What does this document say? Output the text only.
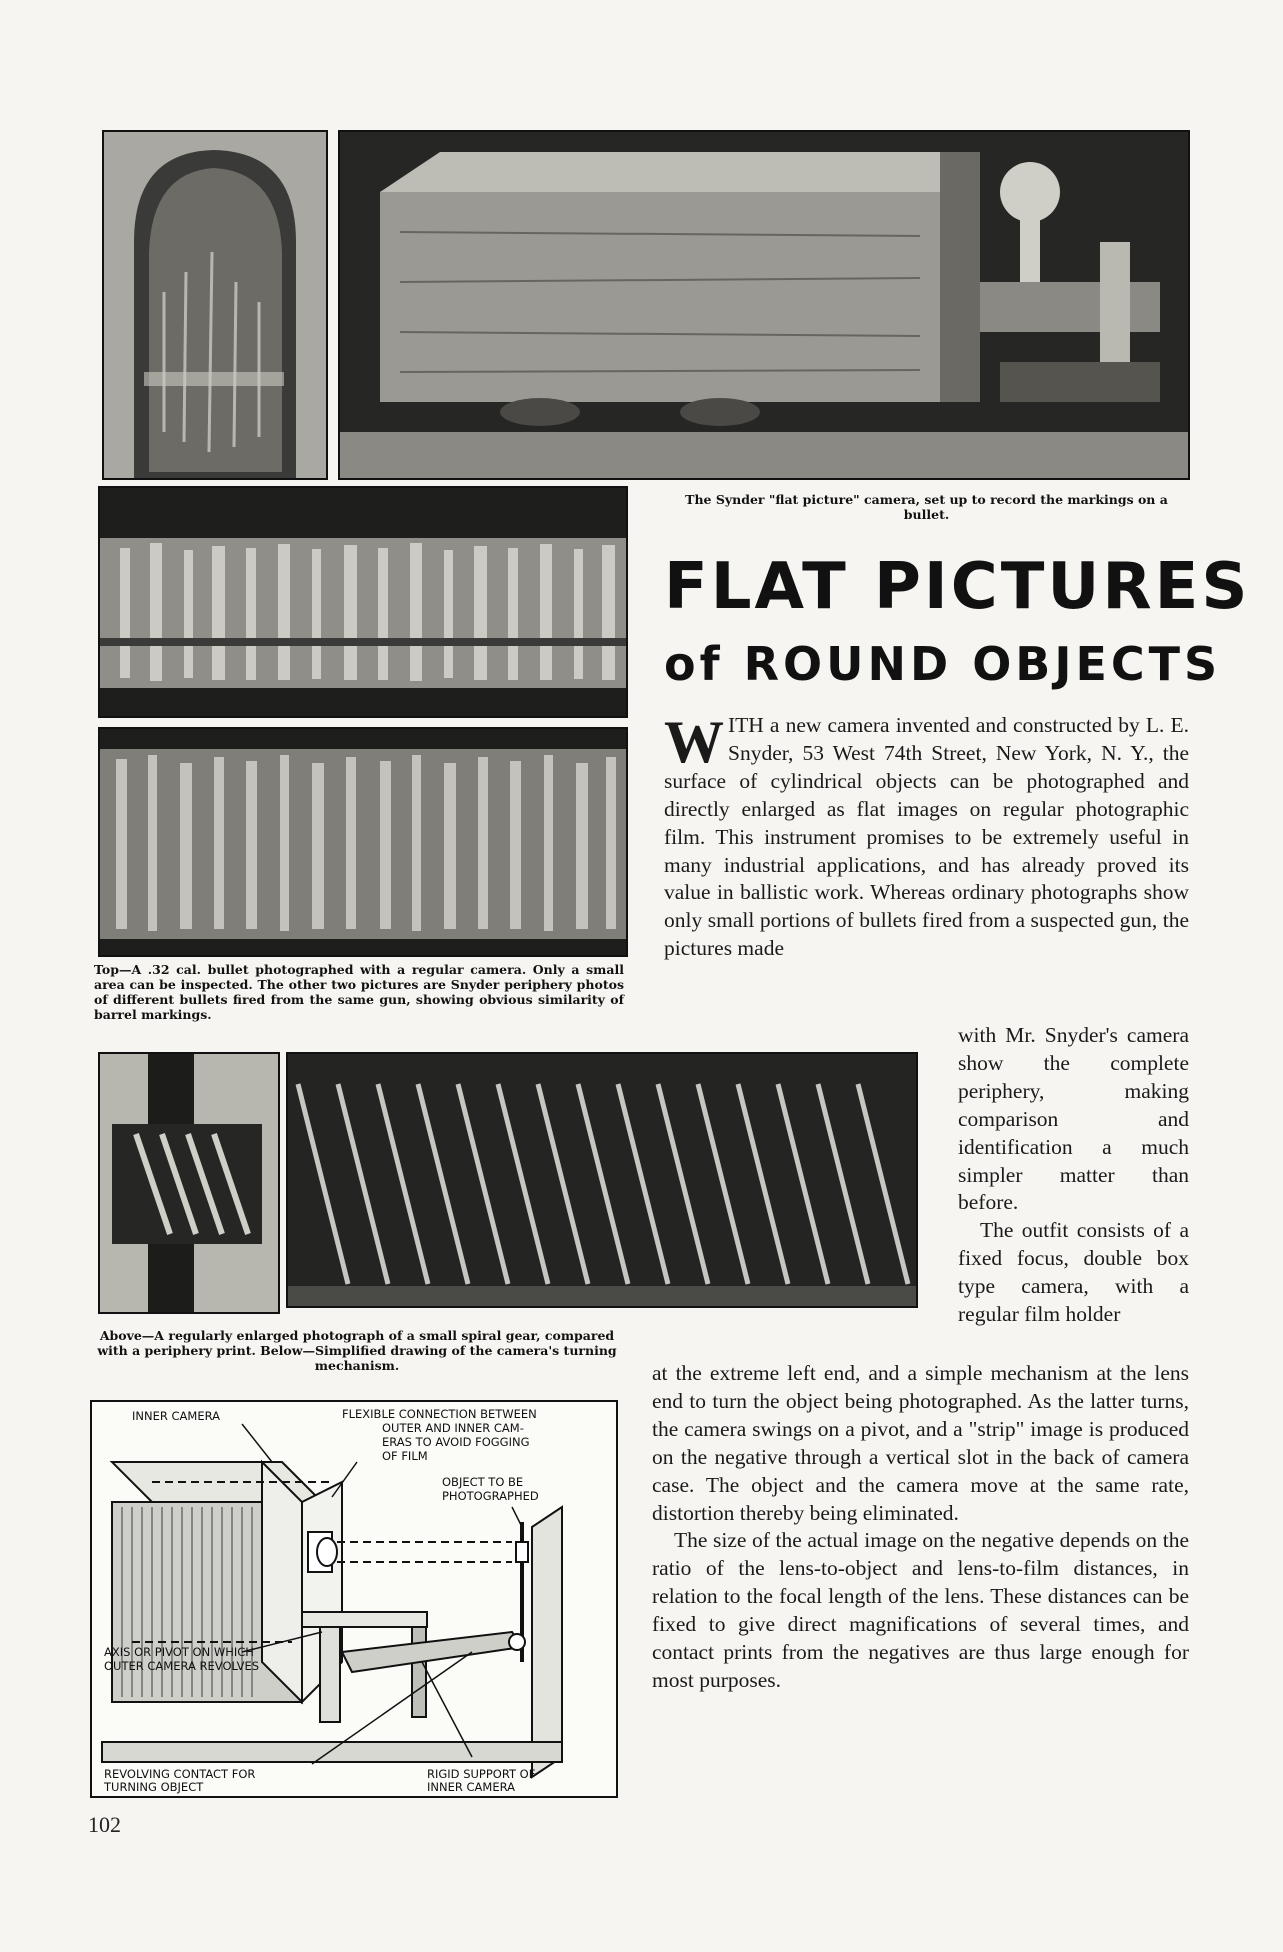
The Synder "flat picture" camera, set up to record the markings on a bullet.
Top—A .32 cal. bullet photographed with a regular camera. Only a small area can be inspected. The other two pictures are Snyder periphery photos of different bullets fired from the same gun, showing obvious similarity of barrel markings.
FLAT PICTURES
of ROUND OBJECTS

WITH a new camera invented and constructed by L. E. Snyder, 53 West 74th Street, New York, N. Y., the surface of cylindrical objects can be photographed and directly enlarged as flat images on regular photographic film. This instrument promises to be extremely useful in many industrial applications, and has already proved its value in ballistic work. Whereas ordinary photographs show only small portions of bullets fired from a suspected gun, the pictures made

with Mr. Snyder's camera show the complete periphery, making comparison and identification a much simpler matter than before.

The outfit consists of a fixed focus, double box type camera, with a regular film holder

Above—A regularly enlarged photograph of a small spiral gear, compared with a periphery print. Below—Simplified drawing of the camera's turning mechanism.	at the extreme left end, and a simple mechanism at the lens end to turn the object being photographed. As the latter turns, the camera swings on a pivot, and a "strip" image is produced on the negative through a vertical slot in the back of camera case. The object and the camera move at the same rate, distortion thereby being eliminated.

The size of the actual image on the negative depends on the ratio of the lens-to-object and lens-to-film distances, in relation to the focal length of the lens. These distances can be fixed to give direct magnifications of several times, and contact prints from the negatives are thus large enough for most purposes.

INNER CAMERA	FLEXIBLE CONNECTION BETWEEN
OUTER AND INNER CAM-
ERAS TO AVOID FOGGING
OF FILM
OBJECT TO BE
PHOTOGRAPHED
AXIS OR PIVOT ON WHICH
OUTER CAMERA REVOLVES
REVOLVING CONTACT FOR
TURNING OBJECT
RIGID SUPPORT OF
INNER CAMERA
102
